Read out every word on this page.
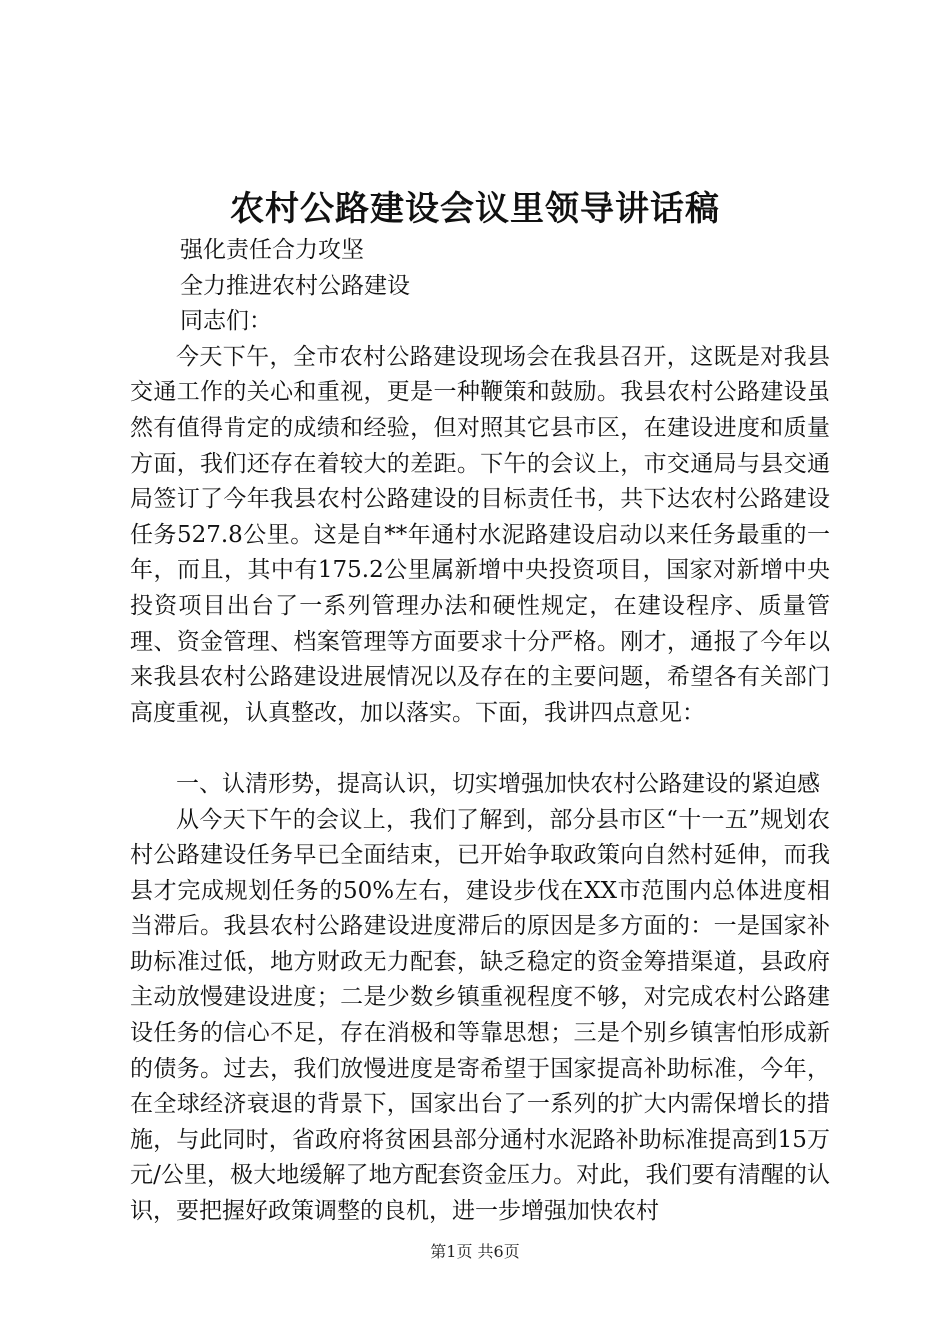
农村公路建设会议里领导讲话稿

强化责任合力攻坚

全力推进农村公路建设

同志们：

今天下午，全市农村公路建设现场会在我县召开，这既是对我县交通工作的关心和重视，更是一种鞭策和鼓励。我县农村公路建设虽然有值得肯定的成绩和经验，但对照其它县市区，在建设进度和质量方面，我们还存在着较大的差距。下午的会议上，市交通局与县交通局签订了今年我县农村公路建设的目标责任书，共下达农村公路建设任务527.8公里。这是自**年通村水泥路建设启动以来任务最重的一年，而且，其中有175.2公里属新增中央投资项目，国家对新增中央投资项目出台了一系列管理办法和硬性规定，在建设程序、质量管理、资金管理、档案管理等方面要求十分严格。刚才，通报了今年以来我县农村公路建设进展情况以及存在的主要问题，希望各有关部门高度重视，认真整改，加以落实。下面，我讲四点意见：

一、认清形势，提高认识，切实增强加快农村公路建设的紧迫感

从今天下午的会议上，我们了解到，部分县市区“十一五”规划农村公路建设任务早已全面结束，已开始争取政策向自然村延伸，而我县才完成规划任务的50%左右，建设步伐在XX市范围内总体进度相当滞后。我县农村公路建设进度滞后的原因是多方面的：一是国家补助标准过低，地方财政无力配套，缺乏稳定的资金筹措渠道，县政府主动放慢建设进度；二是少数乡镇重视程度不够，对完成农村公路建设任务的信心不足，存在消极和等靠思想；三是个别乡镇害怕形成新的债务。过去，我们放慢进度是寄希望于国家提高补助标准，今年，在全球经济衰退的背景下，国家出台了一系列的扩大内需保增长的措施，与此同时，省政府将贫困县部分通村水泥路补助标准提高到15万元/公里，极大地缓解了地方配套资金压力。对此，我们要有清醒的认识，要把握好政策调整的良机，进一步增强加快农村

第1页 共6页
